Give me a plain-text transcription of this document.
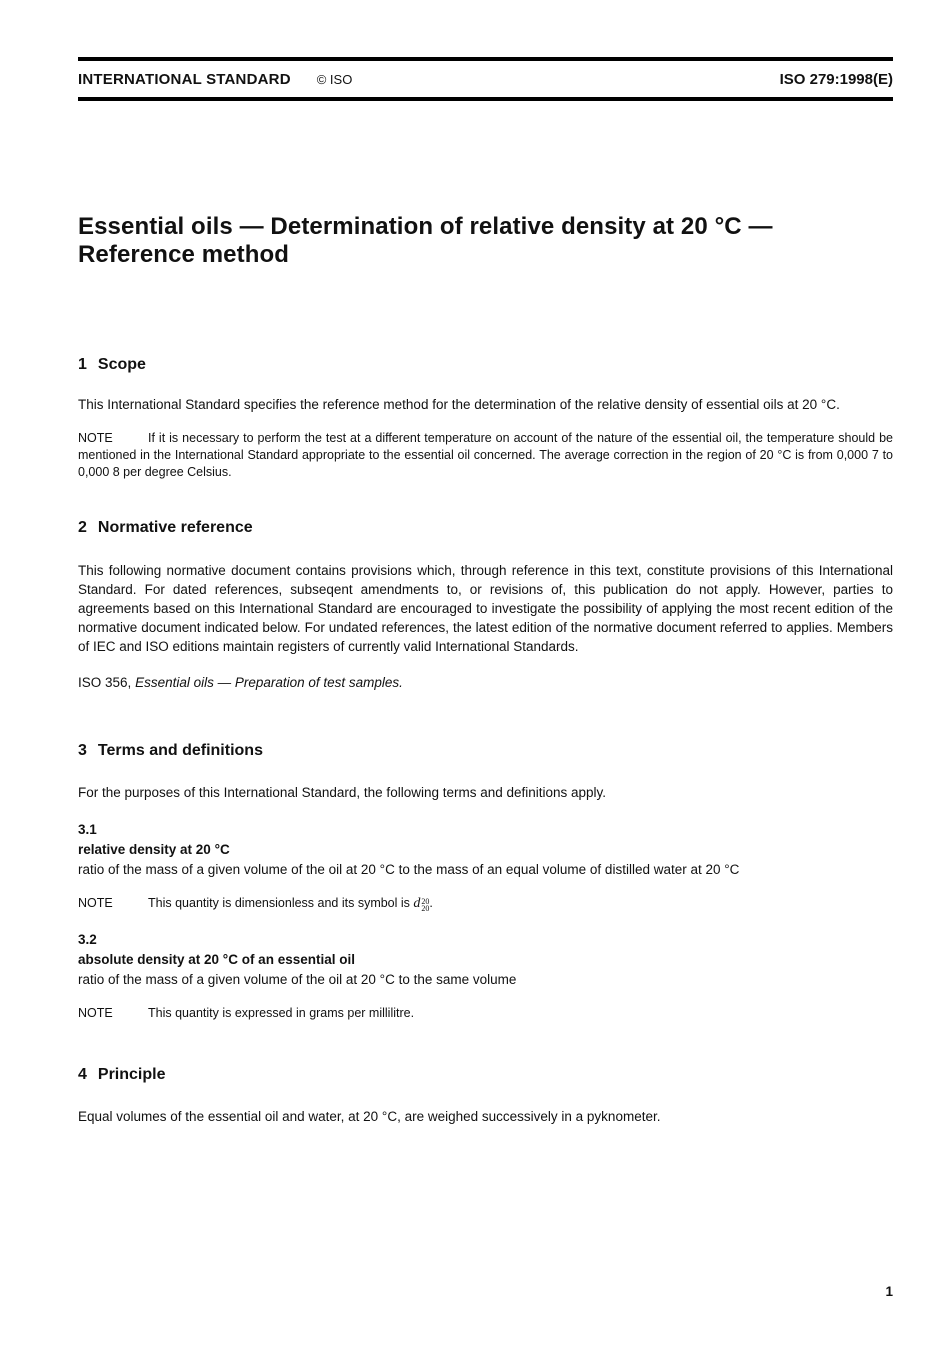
INTERNATIONAL STANDARD © ISO	ISO 279:1998(E)
Essential oils — Determination of relative density at 20 °C —
Reference method
1 Scope
This International Standard specifies the reference method for the determination of the relative density of essential oils at 20 °C.
NOTE	If it is necessary to perform the test at a different temperature on account of the nature of the essential oil, the temperature should be mentioned in the International Standard appropriate to the essential oil concerned. The average correction in the region of 20 °C is from 0,000 7 to 0,000 8 per degree Celsius.
2 Normative reference
This following normative document contains provisions which, through reference in this text, constitute provisions of this International Standard. For dated references, subseqent amendments to, or revisions of, this publication do not apply. However, parties to agreements based on this International Standard are encouraged to investigate the possibility of applying the most recent edition of the normative document indicated below. For undated references, the latest edition of the normative document referred to applies. Members of IEC and ISO editions maintain registers of currently valid International Standards.
ISO 356, Essential oils — Preparation of test samples.
3 Terms and definitions
For the purposes of this International Standard, the following terms and definitions apply.
3.1
relative density at 20 °C
ratio of the mass of a given volume of the oil at 20 °C to the mass of an equal volume of distilled water at 20 °C
NOTE	This quantity is dimensionless and its symbol is d 20
20 .
3.2
absolute density at 20 °C of an essential oil
ratio of the mass of a given volume of the oil at 20 °C to the same volume
NOTE	This quantity is expressed in grams per millilitre.
4 Principle
Equal volumes of the essential oil and water, at 20 °C, are weighed successively in a pyknometer.
1
